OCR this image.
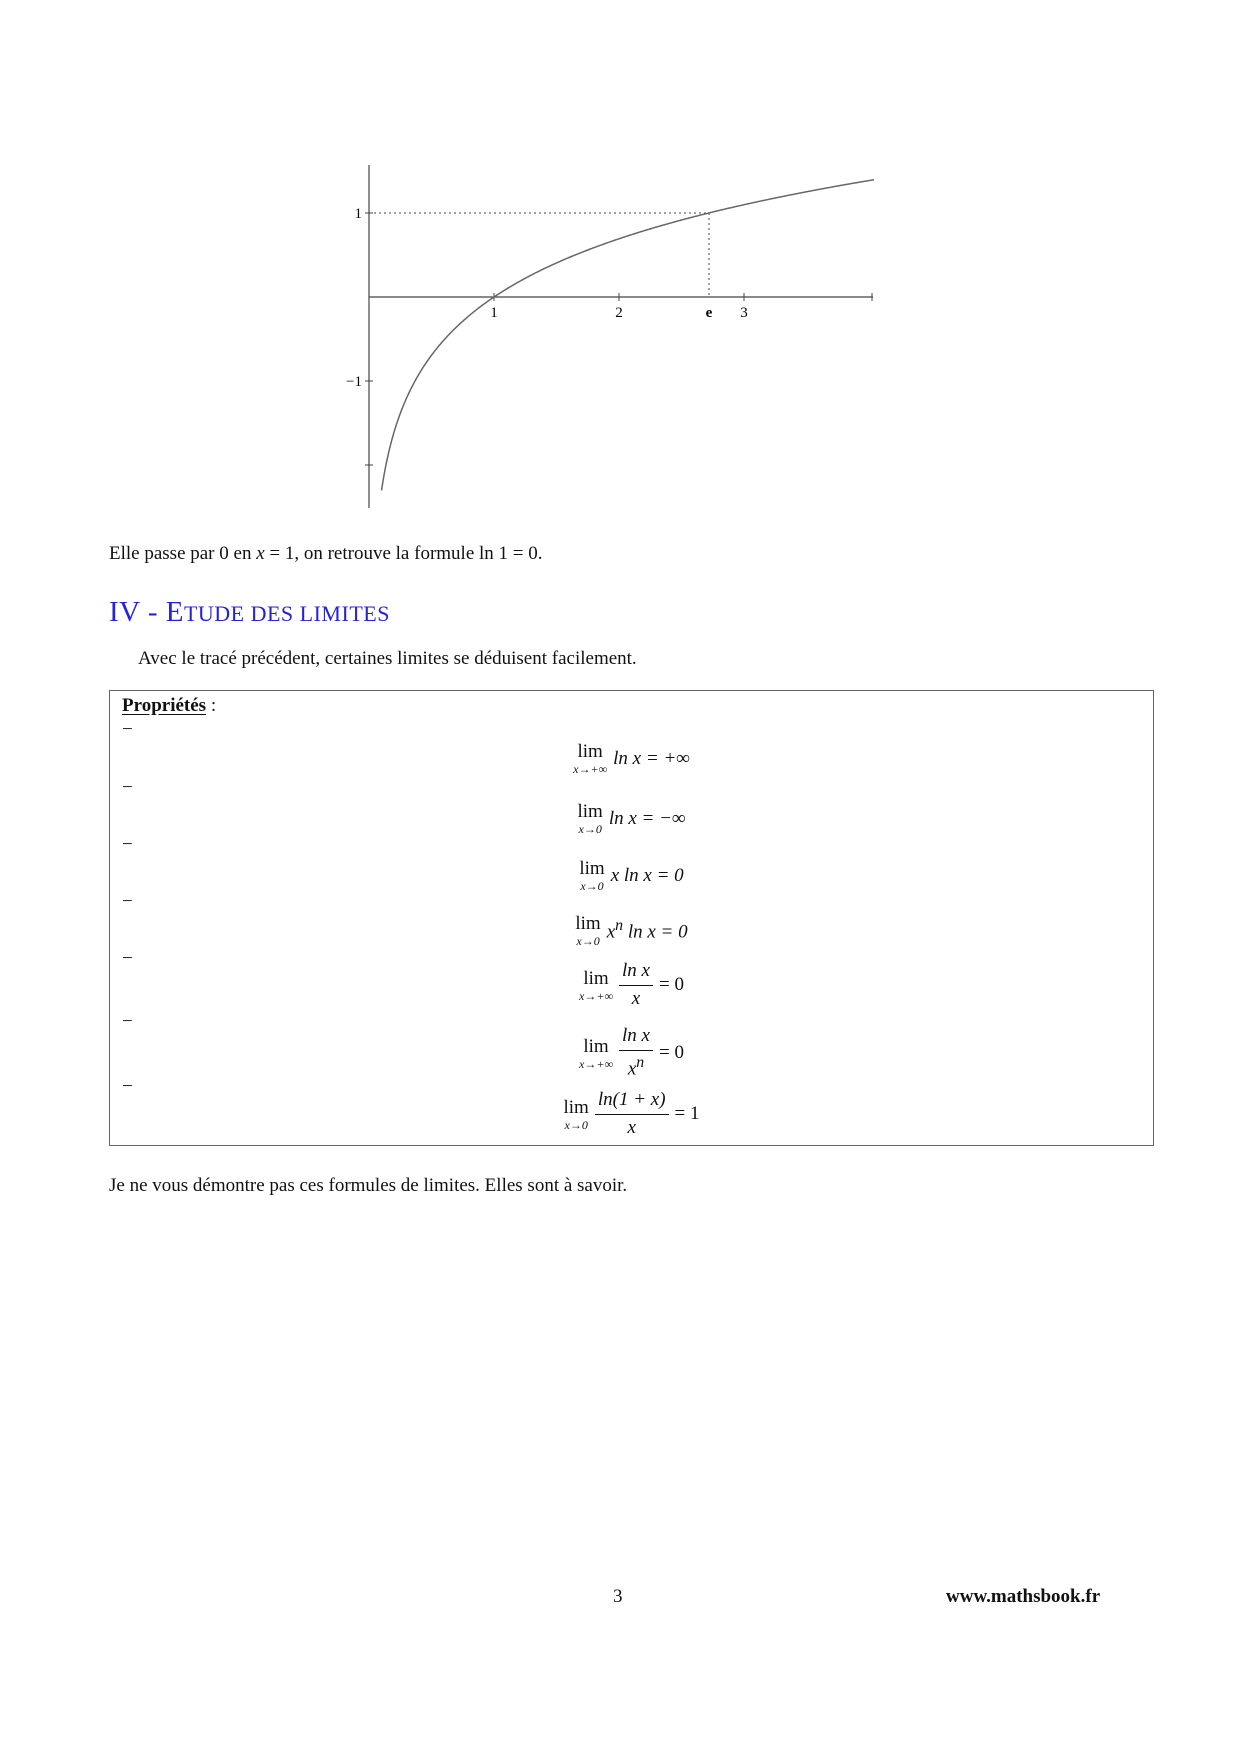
1	2	e 3
1
−1
Elle passe par 0 en x = 1, on retrouve la formule ln 1 = 0.
IV - ETUDE DES LIMITES
Avec le tracé précédent, certaines limites se déduisent facilement.
Propriétés :
−
lim
x→+∞
ln x = +∞
−
lim
x→0
ln x = −∞
−
lim
x→0
x ln x = 0
−
lim
x→0 $x^n$ ln x = 0
−
lim
$x\to+\infty \frac{\text{ln x}}{x} = 0$
−
lim
$x\to+\infty \frac{\text{ln x}}{x^n} = 0$
−
lim
$x\to 0 \frac{\ln(1 + x)}{x} = 1$
Je ne vous démontre pas ces formules de limites. Elles sont à savoir.
3	www.mathsbook.fr
